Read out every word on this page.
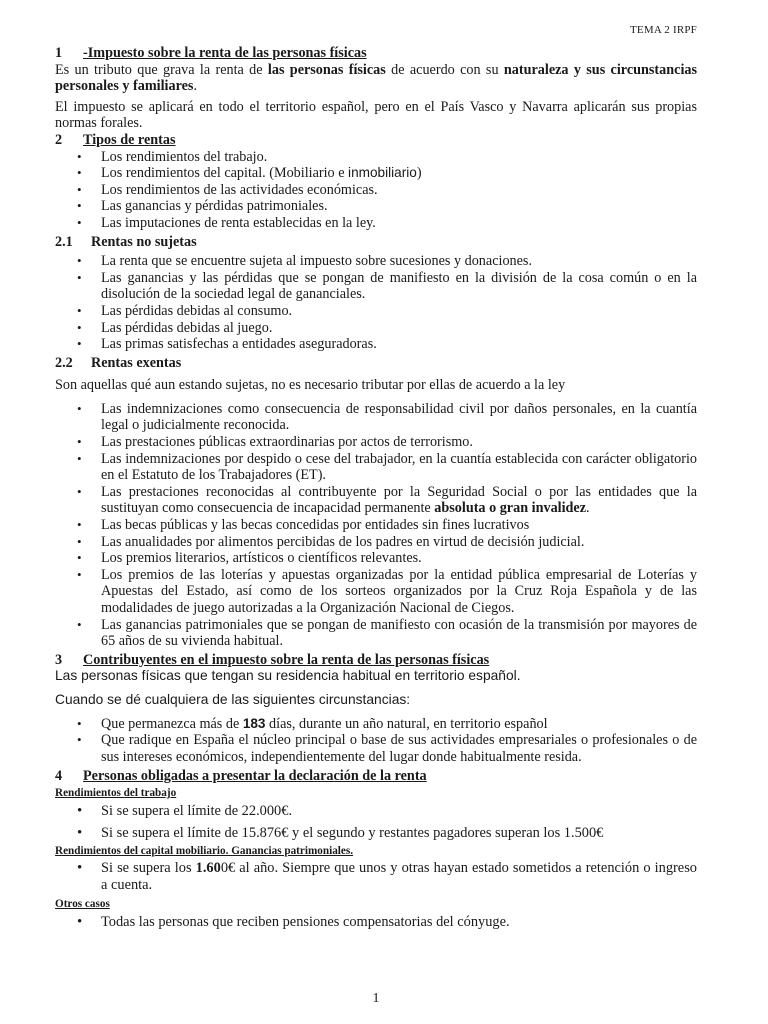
TEMA 2 IRPF
1	-Impuesto sobre la renta de las personas físicas

Es un tributo que grava la renta de las personas físicas de acuerdo con su naturaleza y sus circunstancias personales y familiares.

El impuesto se aplicará en todo el territorio español, pero en el País Vasco y Navarra aplicarán sus propias normas forales.

2	Tipos de rentas
• Los rendimientos del trabajo.
• Los rendimientos del capital. (Mobiliario e inmobiliario)
• Los rendimientos de las actividades económicas.
• Las ganancias y pérdidas patrimoniales.
• Las imputaciones de renta establecidas en la ley.
2.1	Rentas no sujetas
• La renta que se encuentre sujeta al impuesto sobre sucesiones y donaciones.
• Las ganancias y las pérdidas que se pongan de manifiesto en la división de la cosa común o en la disolución de la sociedad legal de gananciales.
• Las pérdidas debidas al consumo.
• Las pérdidas debidas al juego.
• Las primas satisfechas a entidades aseguradoras.
2.2	Rentas exentas

Son aquellas qué aun estando sujetas, no es necesario tributar por ellas de acuerdo a la ley

• Las indemnizaciones como consecuencia de responsabilidad civil por daños personales, en la cuantía legal o judicialmente reconocida.
• Las prestaciones públicas extraordinarias por actos de terrorismo.
• Las indemnizaciones por despido o cese del trabajador, en la cuantía establecida con carácter obligatorio en el Estatuto de los Trabajadores (ET).
• Las prestaciones reconocidas al contribuyente por la Seguridad Social o por las entidades que la sustituyan como consecuencia de incapacidad permanente absoluta o gran invalidez.
• Las becas públicas y las becas concedidas por entidades sin fines lucrativos
• Las anualidades por alimentos percibidas de los padres en virtud de decisión judicial.
• Los premios literarios, artísticos o científicos relevantes.
• Los premios de las loterías y apuestas organizadas por la entidad pública empresarial de Loterías y Apuestas del Estado, así como de los sorteos organizados por la Cruz Roja Española y de las modalidades de juego autorizadas a la Organización Nacional de Ciegos.
• Las ganancias patrimoniales que se pongan de manifiesto con ocasión de la transmisión por mayores de 65 años de su vivienda habitual.
3	Contribuyentes en el impuesto sobre la renta de las personas físicas

Las personas físicas que tengan su residencia habitual en territorio español.

Cuando se dé cualquiera de las siguientes circunstancias:

• Que permanezca más de 183 días, durante un año natural, en territorio español
• Que radique en España el núcleo principal o base de sus actividades empresariales o profesionales o de sus intereses económicos, independientemente del lugar donde habitualmente resida.
4	Personas obligadas a presentar la declaración de la renta
Rendimientos del trabajo
• Si se supera el límite de 22.000€.
• Si se supera el límite de 15.876€ y el segundo y restantes pagadores superan los 1.500€
Rendimientos del capital mobiliario. Ganancias patrimoniales.
• Si se supera los 1.600€ al año. Siempre que unos y otras hayan estado sometidos a retención o ingreso a cuenta.
Otros casos
• Todas las personas que reciben pensiones compensatorias del cónyuge.
1
